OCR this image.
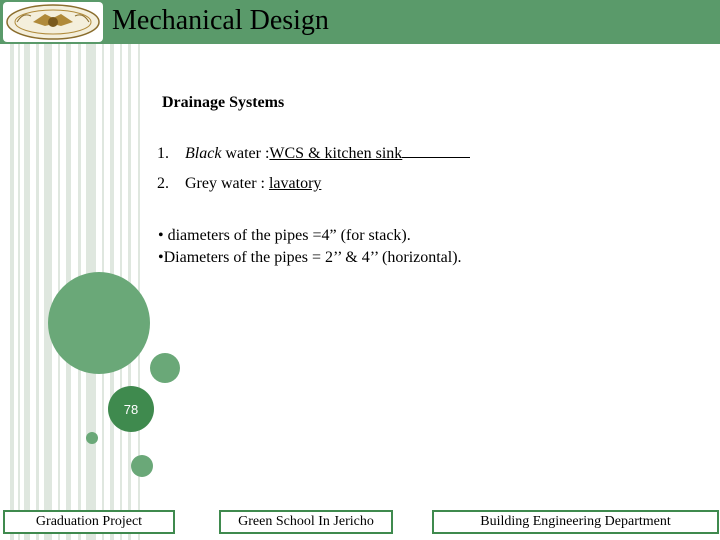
Mechanical Design
78
Drainage Systems
1. Black water :WCS & kitchen sink
2. Grey water : lavatory
• diameters of the pipes =4” (for stack).
•Diameters of the pipes = 2’’ & 4’’ (horizontal).
Graduation Project	Green School In Jericho	Building Engineering Department
